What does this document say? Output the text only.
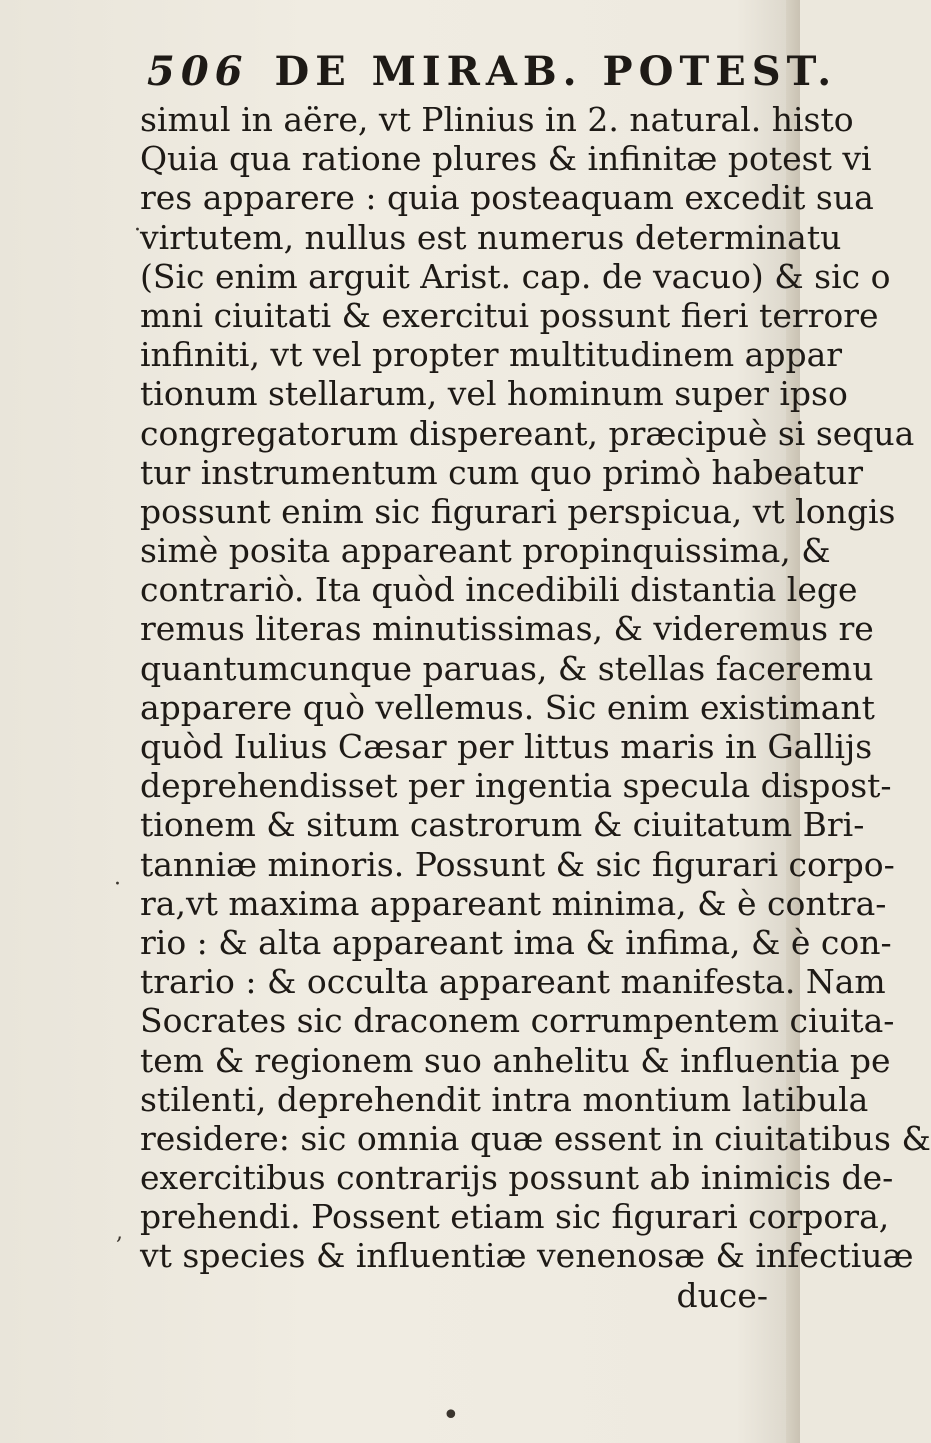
506 DE MIRAB. POTEST.
simul in aëre, vt Plinius in 2. natural. histo
Quia qua ratione plures & infinitæ potest vi
res apparere : quia posteaquam excedit sua
virtutem, nullus est numerus determinatu
(Sic enim arguit Arist. cap. de vacuo) & sic o
mni ciuitati & exercitui possunt fieri terrore
infiniti, vt vel propter multitudinem appar
tionum stellarum, vel hominum super ipso
congregatorum dispereant, præcipuè si sequa
tur instrumentum cum quo primò habeatur
possunt enim sic figurari perspicua, vt longis
simè posita appareant propinquissima, &
contrariò. Ita quòd incedibili distantia lege
remus literas minutissimas, & videremus re
quantumcunque paruas, & stellas faceremu
apparere quò vellemus. Sic enim existimant
quòd Iulius Cæsar per littus maris in Gallijs
deprehendisset per ingentia specula dispost-
tionem & situm castrorum & ciuitatum Bri-
tanniæ minoris. Possunt & sic figurari corpo-
ra,vt maxima appareant minima, & è contra-
rio : & alta appareant ima & infima, & è con-
trario : & occulta appareant manifesta. Nam
Socrates sic draconem corrumpentem ciuita-
tem & regionem suo anhelitu & influentia pe
stilenti, deprehendit intra montium latibula
residere: sic omnia quæ essent in ciuitatibus &
exercitibus contrarijs possunt ab inimicis de-
prehendi. Possent etiam sic figurari corpora,
vt species & influentiæ venenosæ & infectiuæ
duce-
·
·
,
•
